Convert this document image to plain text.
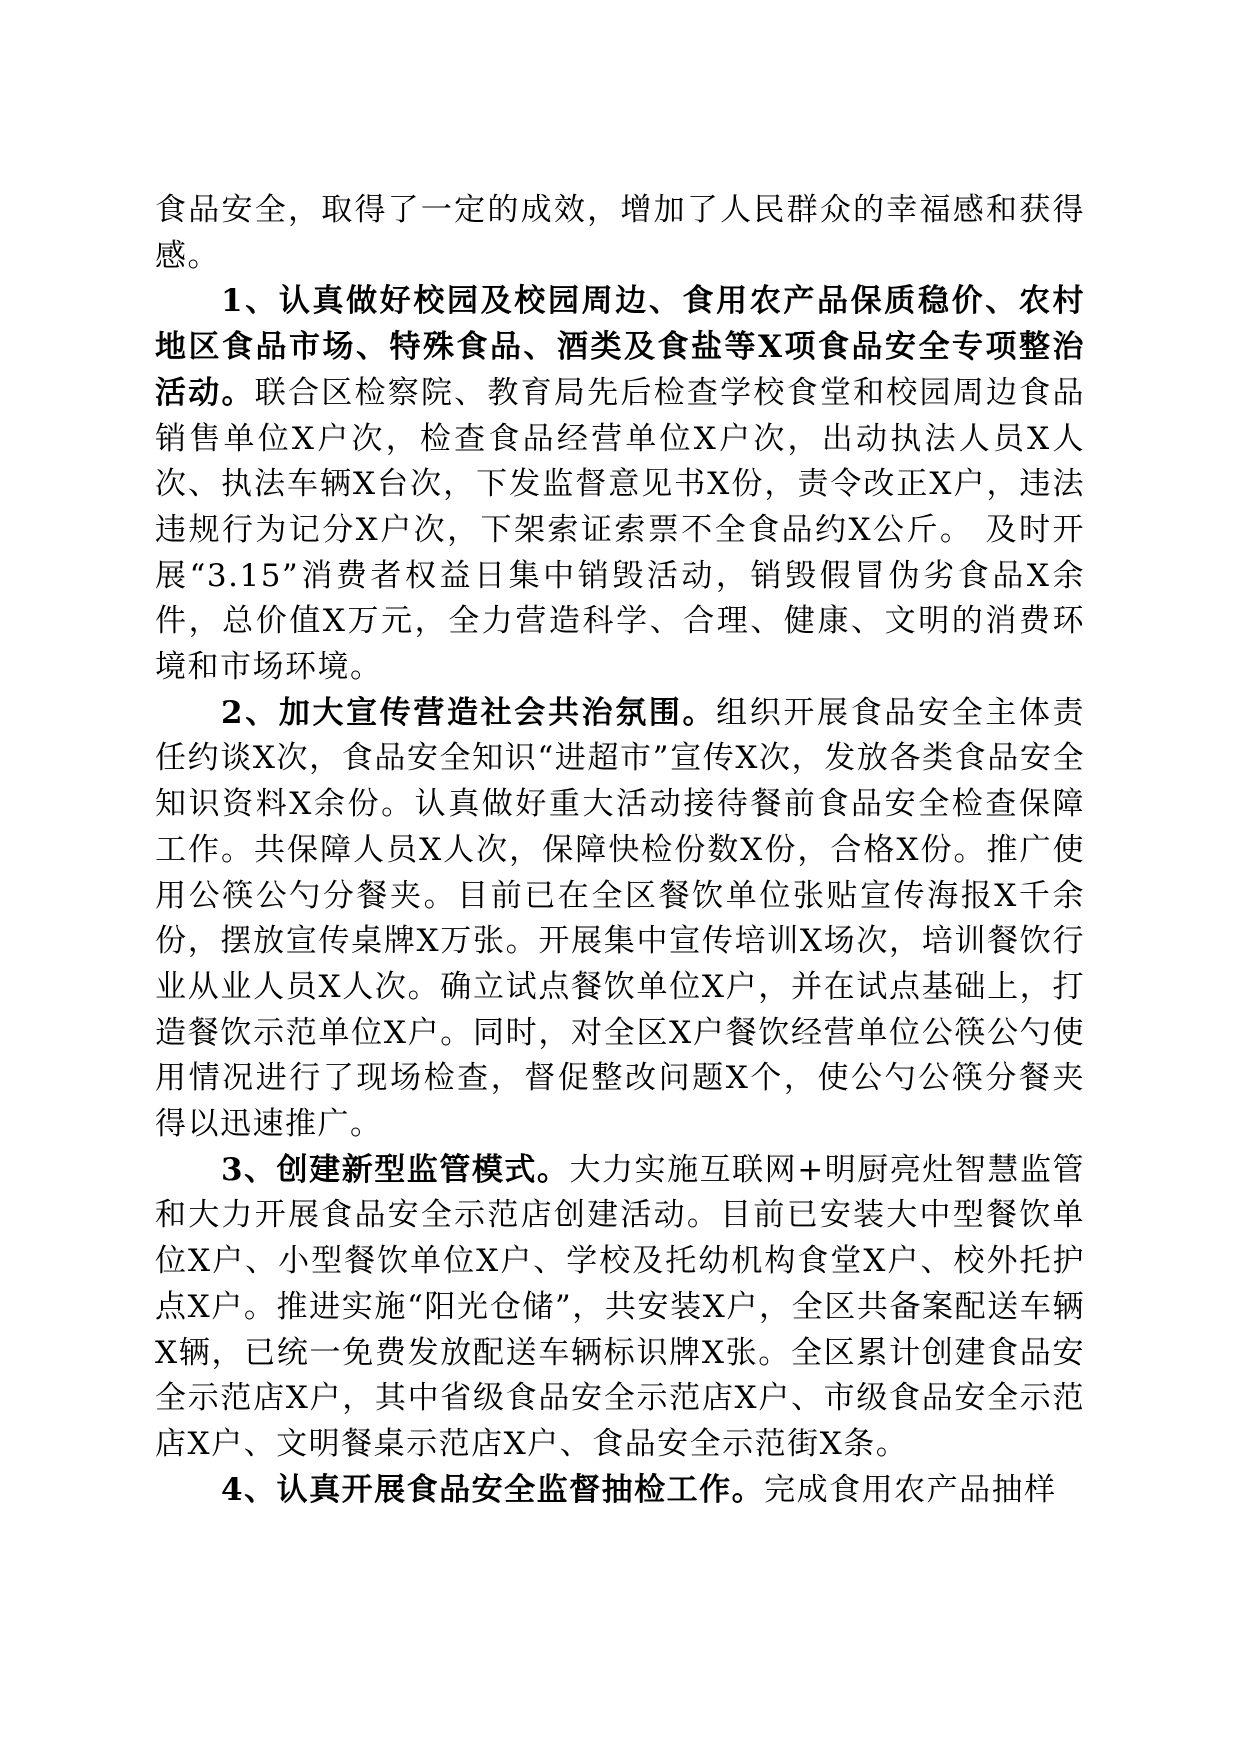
食品安全，取得了一定的成效，增加了人民群众的幸福感和获得感。

1、认真做好校园及校园周边、食用农产品保质稳价、农村地区食品市场、特殊食品、酒类及食盐等X项食品安全专项整治活动。联合区检察院、教育局先后检查学校食堂和校园周边食品销售单位X户次，检查食品经营单位X户次，出动执法人员X人次、执法车辆X台次，下发监督意见书X份，责令改正X户，违法违规行为记分X户次，下架索证索票不全食品约X公斤。 及时开展“3.15”消费者权益日集中销毁活动，销毁假冒伪劣食品X余件，总价值X万元，全力营造科学、合理、健康、文明的消费环境和市场环境。

2、加大宣传营造社会共治氛围。组织开展食品安全主体责任约谈X次，食品安全知识“进超市”宣传X次，发放各类食品安全知识资料X余份。认真做好重大活动接待餐前食品安全检查保障工作。共保障人员X人次，保障快检份数X份，合格X份。推广使用公筷公勺分餐夹。目前已在全区餐饮单位张贴宣传海报X千余份，摆放宣传桌牌X万张。开展集中宣传培训X场次，培训餐饮行业从业人员X人次。确立试点餐饮单位X户，并在试点基础上，打造餐饮示范单位X户。同时，对全区X户餐饮经营单位公筷公勺使用情况进行了现场检查，督促整改问题X个，使公勺公筷分餐夹得以迅速推广。

3、创建新型监管模式。大力实施互联网+明厨亮灶智慧监管和大力开展食品安全示范店创建活动。目前已安装大中型餐饮单位X户、小型餐饮单位X户、学校及托幼机构食堂X户、校外托护点X户。推进实施“阳光仓储”，共安装X户，全区共备案配送车辆X辆，已统一免费发放配送车辆标识牌X张。全区累计创建食品安全示范店X户，其中省级食品安全示范店X户、市级食品安全示范店X户、文明餐桌示范店X户、食品安全示范街X条。

4、认真开展食品安全监督抽检工作。完成食用农产品抽样
